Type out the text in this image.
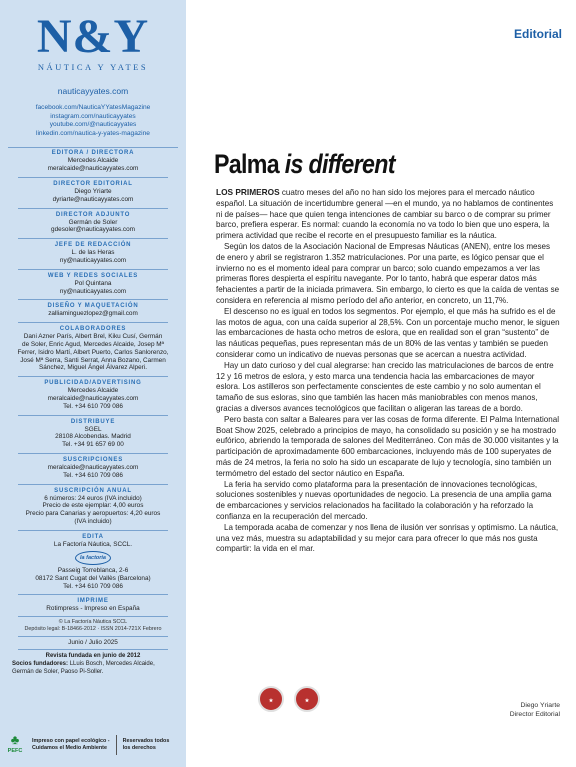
N&Y
NÁUTICA Y YATES
nauticayyates.com
facebook.com/NauticaYYatesMagazine
instagram.com/nauticayyates
youtube.com/@nauticayyates
linkedin.com/nautica-y-yates-magazine
EDITORA / DIRECTORA
Mercedes Alcaide
meralcaide@nauticayyates.com
DIRECTOR EDITORIAL
Diego Yriarte
dyriarte@nauticayyates.com
DIRECTOR ADJUNTO
Germán de Soler
gdesoler@nauticayyates.com
JEFE DE REDACCIÓN
L. de las Heras
ny@nauticayyates.com
WEB Y REDES SOCIALES
Pol Quintana
ny@nauticayyates.com
DISEÑO Y MAQUETACIÓN
zalliaminguezlopez@gmail.com
COLABORADORES
Dani Azner París, Albert Brel, Kiku Cusí, Germán
de Soler, Enric Agud, Mercedes Alcaide, Josep Mª
Ferrer, Isidro Martí, Albert Puerto, Carlos Sanlorenzo,
José Mª Serra, Santi Serrat, Anna Bozano, Carmen
Sánchez, Miguel Ángel Álvarez Alperi.
PUBLICIDAD/ADVERTISING
Mercedes Alcaide
meralcaide@nauticayyates.com
Tel. +34 610 709 086
DISTRIBUYE
SGEL
28108 Alcobendas. Madrid
Tel. +34 91 657 69 00
SUSCRIPCIONES
meralcaide@nauticayyates.com
Tel. +34 610 709 086
SUSCRIPCIÓN ANUAL
6 números: 24 euros (IVA incluido)
Precio de este ejemplar: 4,00 euros
Precio para Canarias y aeropuertos: 4,20 euros
(IVA incluido)
EDITA
La Factoría Náutica, SCCL.
la factoria
Passeig Torreblanca, 2-6
08172 Sant Cugat del Vallès (Barcelona)
Tel. +34 610 709 086
IMPRIME
Rotimpress - Impreso en España
© La Factoría Náutica SCCL
Depósito legal: B-18466-2012 · ISSN 2014-721X Febrero
Junio / Julio 2025
Revista fundada en junio de 2012
Socios fundadores: LLuis Bosch, Mercedes Alcaide, Germán de Soler, Paoso Pi-Soller.
★	★
♣
PEFC
Impreso con papel ecológico -
Cuidamos el Medio Ambiente
Reservados todos
los derechos
Editorial
Palma is different

LOS PRIMEROS cuatro meses del año no han sido los mejores para el mercado náutico español. La situación de incertidumbre general —en el mundo, ya no hablamos de continentes ni de países— hace que quien tenga intenciones de cambiar su barco o de comprar su primer barco, prefiera esperar. Es normal: cuando la economía no va todo lo bien que uno espera, la primera actividad que recibe el recorte en el presupuesto familiar es la náutica.

Según los datos de la Asociación Nacional de Empresas Náuticas (ANEN), entre los meses de enero y abril se registraron 1.352 matriculaciones. Por una parte, es lógico pensar que el invierno no es el momento ideal para comprar un barco; solo cuando empezamos a ver las primeras flores despierta el espíritu navegante. Por lo tanto, habrá que esperar datos más fehacientes a partir de la iniciada primavera. Sin embargo, lo cierto es que la caída de ventas se considera en referencia al mismo período del año anterior, en concreto, un 11,7%.

El descenso no es igual en todos los segmentos. Por ejemplo, el que más ha sufrido es el de las motos de agua, con una caída superior al 28,5%. Con un porcentaje mucho menor, le siguen las embarcaciones de hasta ocho metros de eslora, que en realidad son el gran “sustento” de las náuticas pequeñas, pues representan más de un 80% de las ventas y también se pueden considerar como un indicativo de nuevas personas que se acercan a nuestra actividad.

Hay un dato curioso y del cual alegrarse: han crecido las matriculaciones de barcos de entre 12 y 16 metros de eslora, y esto marca una tendencia hacia las embarcaciones de mayor eslora. Los astilleros son perfectamente conscientes de este cambio y no solo aumentan el tamaño de sus esloras, sino que también las hacen más maniobrables con menos manos, gracias a diversos avances tecnológicos que facilitan o aligeran las tareas de a bordo.

Pero basta con saltar a Baleares para ver las cosas de forma diferente. El Palma International Boat Show 2025, celebrado a principios de mayo, ha consolidado su posición y se ha mostrado eufórico, abriendo la temporada de salones del Mediterráneo. Con más de 30.000 visitantes y la participación de aproximadamente 600 embarcaciones, incluyendo más de 100 superyates de más de 24 metros, la feria no solo ha sido un escaparate de lujo y tecnología, sino también un termómetro del estado del sector náutico en España.

La feria ha servido como plataforma para la presentación de innovaciones tecnológicas, soluciones sostenibles y nuevas oportunidades de negocio. La presencia de una amplia gama de embarcaciones y servicios relacionados ha facilitado la colaboración y ha reforzado la confianza en la recuperación del mercado.

La temporada acaba de comenzar y nos llena de ilusión ver sonrisas y optimismo. La náutica, una vez más, muestra su adaptabilidad y su mejor cara para ofrecer lo que más nos gusta compartir: la vida en el mar.

Diego Yriarte
Director Editorial
